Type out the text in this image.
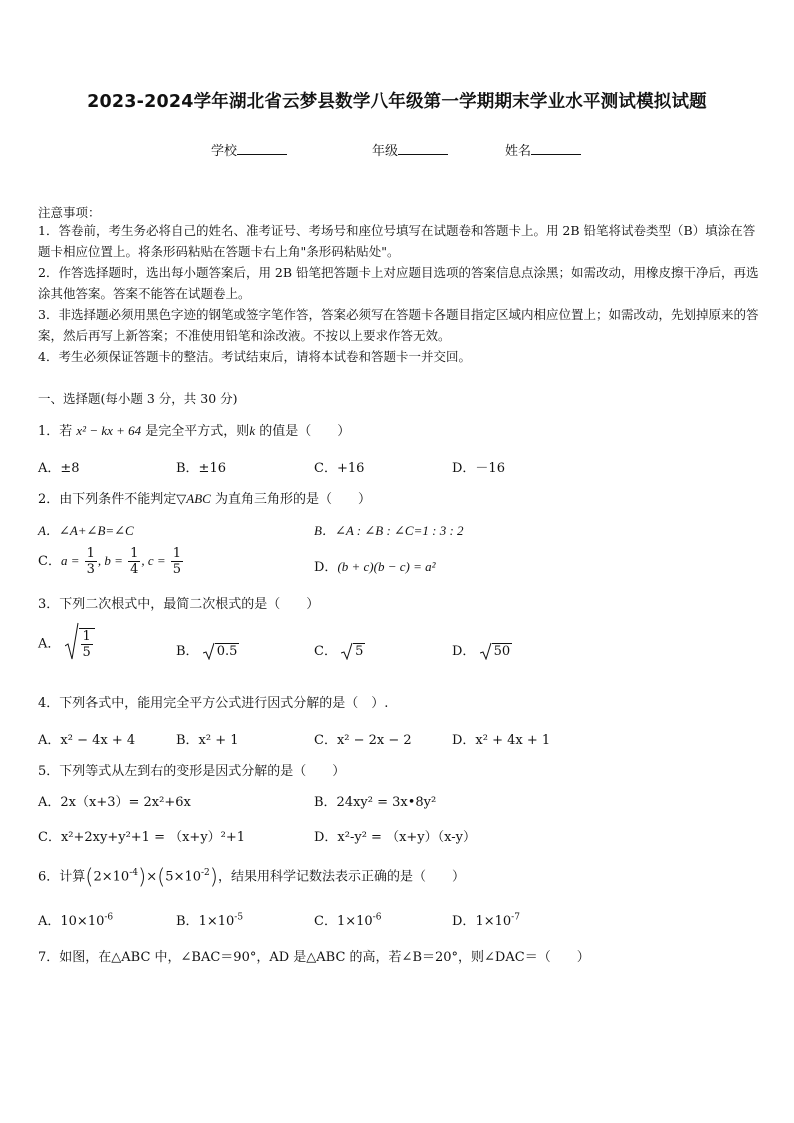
2023-2024学年湖北省云梦县数学八年级第一学期期末学业水平测试模拟试题
学校	年级	姓名
注意事项：
1．答卷前，考生务必将自己的姓名、准考证号、考场号和座位号填写在试题卷和答题卡上。用 2B 铅笔将试卷类型（B）填涂在答题卡相应位置上。将条形码粘贴在答题卡右上角"条形码粘贴处"。
2．作答选择题时，选出每小题答案后，用 2B 铅笔把答题卡上对应题目选项的答案信息点涂黑；如需改动，用橡皮擦干净后，再选涂其他答案。答案不能答在试题卷上。
3．非选择题必须用黑色字迹的钢笔或签字笔作答，答案必须写在答题卡各题目指定区域内相应位置上；如需改动，先划掉原来的答案，然后再写上新答案；不准使用铅笔和涂改液。不按以上要求作答无效。
4．考生必须保证答题卡的整洁。考试结束后，请将本试卷和答题卡一并交回。
一、选择题(每小题 3 分，共 30 分)
1．若 x² − kx + 64 是完全平方式，则k 的值是（　　）
A．±8	B．±16	C．+16	D．－16
2．由下列条件不能判定▽ABC 为直角三角形的是（　　）
A．∠A+∠B=∠C	B．∠A : ∠B : ∠C=1 : 3 : 2
C．$a = \frac{1}{3}$ , $b = \frac{1}{4}$ , $c = \frac{1}{5}$	D．(b + c)(b − c) = a²
3．下列二次根式中，最简二次根式的是（　　）
A． $\frac{1}{5}$	B． 0.5	C． 5	D． 50
4．下列各式中，能用完全平方公式进行因式分解的是（　）.
A．x² − 4x + 4	B．x² + 1	C．x² − 2x − 2	D．x² + 4x + 1
5．下列等式从左到右的变形是因式分解的是（　　）
A．2x（x+3）= 2x²+6x	B．24xy² = 3x•8y²
C．x²+2xy+y²+1 = （x+y）²+1	D．x²-y² = （x+y）（x-y）
6．计算$(2\times 10^{-4})\times(5\times 10^{-2})$，结果用科学记数法表示正确的是（　　）
A．$10\times 10^{-6}$	B．$1\times 10^{-5}$	C．$1\times 10^{-6}$	D．$1\times 10^{-7}$
7．如图，在△ABC 中，∠BAC＝90°，AD 是△ABC 的高，若∠B＝20°，则∠DAC＝（　　）
